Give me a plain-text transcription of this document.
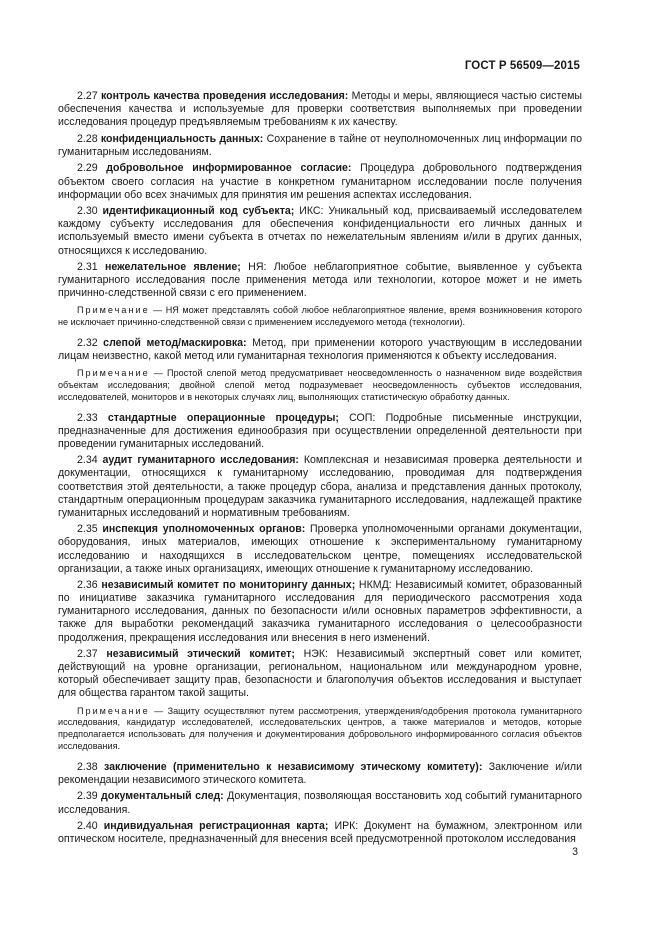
ГОСТ Р 56509—2015

2.27 контроль качества проведения исследования: Методы и меры, являющиеся частью системы обеспечения качества и используемые для проверки соответствия выполняемых при проведении исследования процедур предъявляемым требованиям к их качеству.

2.28 конфиденциальность данных: Сохранение в тайне от неуполномоченных лиц информации по гуманитарным исследованиям.

2.29 добровольное информированное согласие: Процедура добровольного подтверждения объектом своего согласия на участие в конкретном гуманитарном исследовании после получения информации обо всех значимых для принятия им решения аспектах исследования.

2.30 идентификационный код субъекта; ИКС: Уникальный код, присваиваемый исследователем каждому субъекту исследования для обеспечения конфиденциальности его личных данных и используемый вместо имени субъекта в отчетах по нежелательным явлениям и/или в других данных, относящихся к исследованию.

2.31 нежелательное явление; НЯ: Любое неблагоприятное событие, выявленное у субъекта гуманитарного исследования после применения метода или технологии, которое может и не иметь причинно-следственной связи с его применением.

Примечание — НЯ может представлять собой любое неблагоприятное явление, время возникновения которого не исключает причинно-следственной связи с применением исследуемого метода (технологии).

2.32 слепой метод/маскировка: Метод, при применении которого участвующим в исследовании лицам неизвестно, какой метод или гуманитарная технология применяются к объекту исследования.

Примечание — Простой слепой метод предусматривает неосведомленность о назначенном виде воздействия объектам исследования; двойной слепой метод подразумевает неосведомленность субъектов исследования, исследователей, мониторов и в некоторых случаях лиц, выполняющих статистическую обработку данных.

2.33 стандартные операционные процедуры; СОП: Подробные письменные инструкции, предназначенные для достижения единообразия при осуществлении определенной деятельности при проведении гуманитарных исследований.

2.34 аудит гуманитарного исследования: Комплексная и независимая проверка деятельности и документации, относящихся к гуманитарному исследованию, проводимая для подтверждения соответствия этой деятельности, а также процедур сбора, анализа и представления данных протоколу, стандартным операционным процедурам заказчика гуманитарного исследования, надлежащей практике гуманитарных исследований и нормативным требованиям.

2.35 инспекция уполномоченных органов: Проверка уполномоченными органами документации, оборудования, иных материалов, имеющих отношение к экспериментальному гуманитарному исследованию и находящихся в исследовательском центре, помещениях исследовательской организации, а также иных организациях, имеющих отношение к гуманитарному исследованию.

2.36 независимый комитет по мониторингу данных; НКМД: Независимый комитет, образованный по инициативе заказчика гуманитарного исследования для периодического рассмотрения хода гуманитарного исследования, данных по безопасности и/или основных параметров эффективности, а также для выработки рекомендаций заказчика гуманитарного исследования о целесообразности продолжения, прекращения исследования или внесения в него изменений.

2.37 независимый этический комитет; НЭК: Независимый экспертный совет или комитет, действующий на уровне организации, региональном, национальном или международном уровне, который обеспечивает защиту прав, безопасности и благополучия объектов исследования и выступает для общества гарантом такой защиты.

Примечание — Защиту осуществляют путем рассмотрения, утверждения/одобрения протокола гуманитарного исследования, кандидатур исследователей, исследовательских центров, а также материалов и методов, которые предполагается использовать для получения и документирования добровольного информированного согласия объектов исследования.

2.38 заключение (применительно к независимому этическому комитету): Заключение и/или рекомендации независимого этического комитета.

2.39 документальный след: Документация, позволяющая восстановить ход событий гуманитарного исследования.

2.40 индивидуальная регистрационная карта; ИРК: Документ на бумажном, электронном или оптическом носителе, предназначенный для внесения всей предусмотренной протоколом исследования

3
